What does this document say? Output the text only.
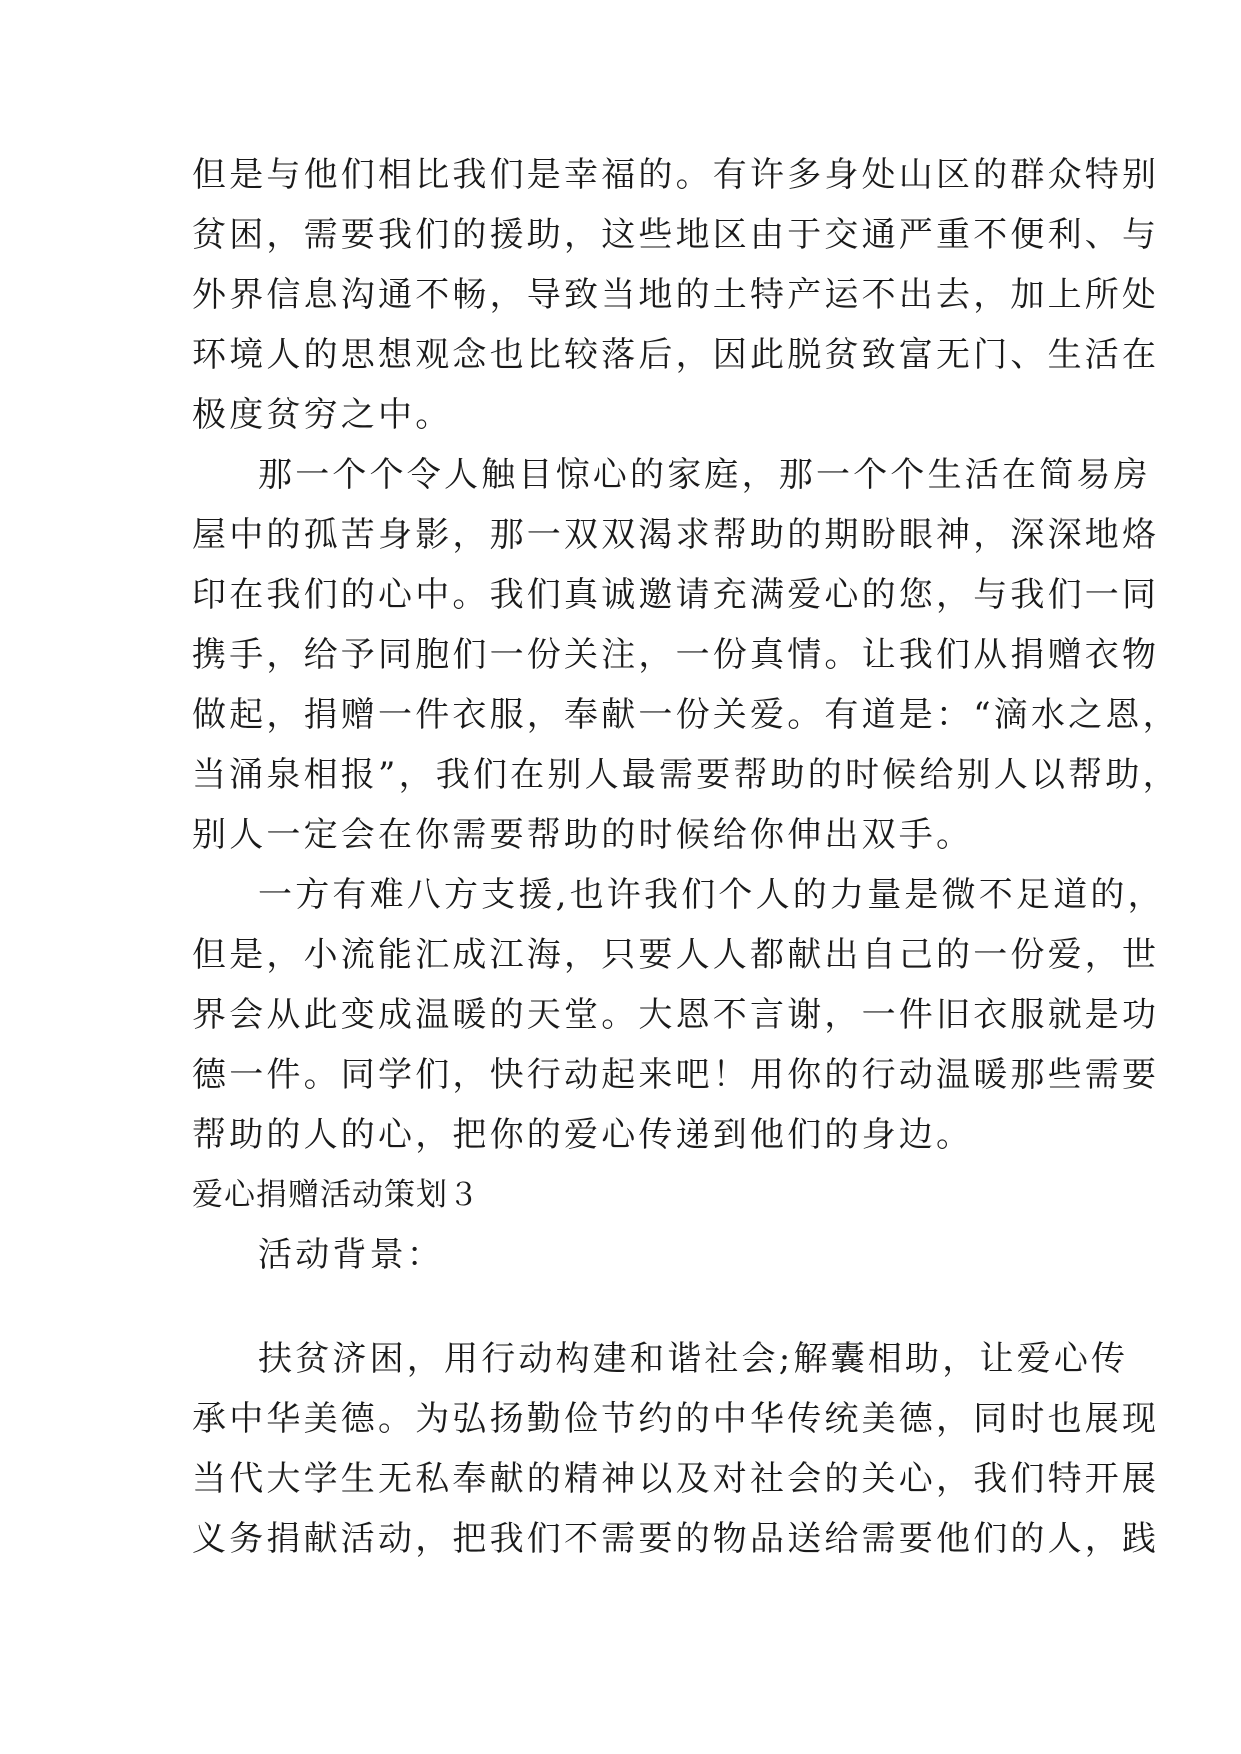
但是与他们相比我们是幸福的。有许多身处山区的群众特别

贫困，需要我们的援助，这些地区由于交通严重不便利、与

外界信息沟通不畅，导致当地的土特产运不出去，加上所处

环境人的思想观念也比较落后，因此脱贫致富无门、生活在

极度贫穷之中。

那一个个令人触目惊心的家庭，那一个个生活在简易房

屋中的孤苦身影，那一双双渴求帮助的期盼眼神，深深地烙

印在我们的心中。我们真诚邀请充满爱心的您，与我们一同

携手，给予同胞们一份关注，一份真情。让我们从捐赠衣物

做起，捐赠一件衣服，奉献一份关爱。有道是：“滴水之恩，

当涌泉相报”，我们在别人最需要帮助的时候给别人以帮助，

别人一定会在你需要帮助的时候给你伸出双手。

一方有难八方支援,也许我们个人的力量是微不足道的，

但是，小流能汇成江海，只要人人都献出自己的一份爱，世

界会从此变成温暖的天堂。大恩不言谢，一件旧衣服就是功

德一件。同学们，快行动起来吧！用你的行动温暖那些需要

帮助的人的心，把你的爱心传递到他们的身边。

爱心捐赠活动策划３

活动背景：

扶贫济困，用行动构建和谐社会;解囊相助，让爱心传

承中华美德。为弘扬勤俭节约的中华传统美德，同时也展现

当代大学生无私奉献的精神以及对社会的关心，我们特开展

义务捐献活动，把我们不需要的物品送给需要他们的人，践
